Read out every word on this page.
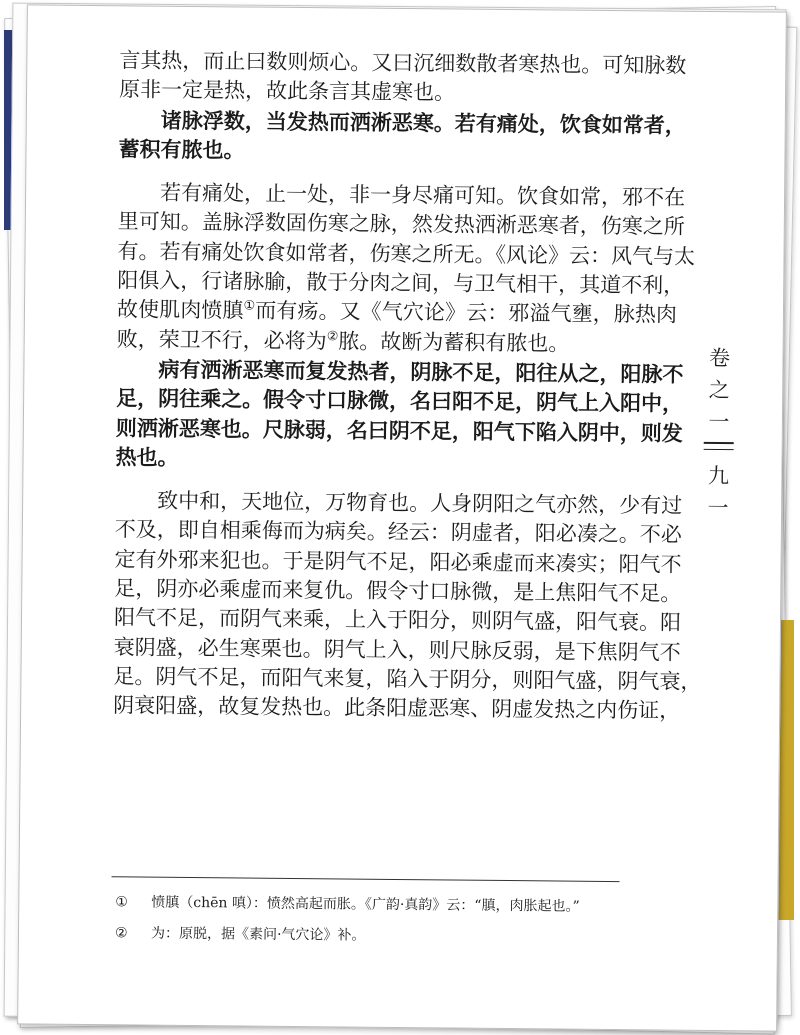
言其热，而止曰数则烦心。又曰沉细数散者寒热也。可知脉数
原非一定是热，故此条言其虚寒也。
诸脉浮数，当发热而洒淅恶寒。若有痛处，饮食如常者，
蓄积有脓也。
若有痛处，止一处，非一身尽痛可知。饮食如常，邪不在
里可知。盖脉浮数固伤寒之脉，然发热洒淅恶寒者，伤寒之所
有。若有痛处饮食如常者，伤寒之所无。《风论》云：风气与太
阳俱入，行诸脉腧，散于分肉之间，与卫气相干，其道不利，
故使肌肉愤䐜①而有疡。又《气穴论》云：邪溢气壅，脉热肉
败，荣卫不行，必将为②脓。故断为蓄积有脓也。
病有洒淅恶寒而复发热者，阴脉不足，阳往从之，阳脉不
足，阴往乘之。假令寸口脉微，名曰阳不足，阴气上入阳中，
则洒淅恶寒也。尺脉弱，名曰阴不足，阳气下陷入阴中，则发
热也。
致中和，天地位，万物育也。人身阴阳之气亦然，少有过
不及，即自相乘侮而为病矣。经云：阴虚者，阳必凑之。不必
定有外邪来犯也。于是阴气不足，阳必乘虚而来凑实；阳气不
足，阴亦必乘虚而来复仇。假令寸口脉微，是上焦阳气不足。
阳气不足，而阴气来乘，上入于阳分，则阴气盛，阳气衰。阳
衰阴盛，必生寒栗也。阴气上入，则尺脉反弱，是下焦阴气不
足。阴气不足，而阳气来复，陷入于阴分，则阳气盛，阴气衰，
阴衰阳盛，故复发热也。此条阳虚恶寒、阴虚发热之内伤证，
卷
之
一
九
一
① 愤䐜（chēn 嗔）：愤然高起而胀。《广韵·真韵》云：“䐜，肉胀起也。”
② 为：原脱，据《素问·气穴论》补。
